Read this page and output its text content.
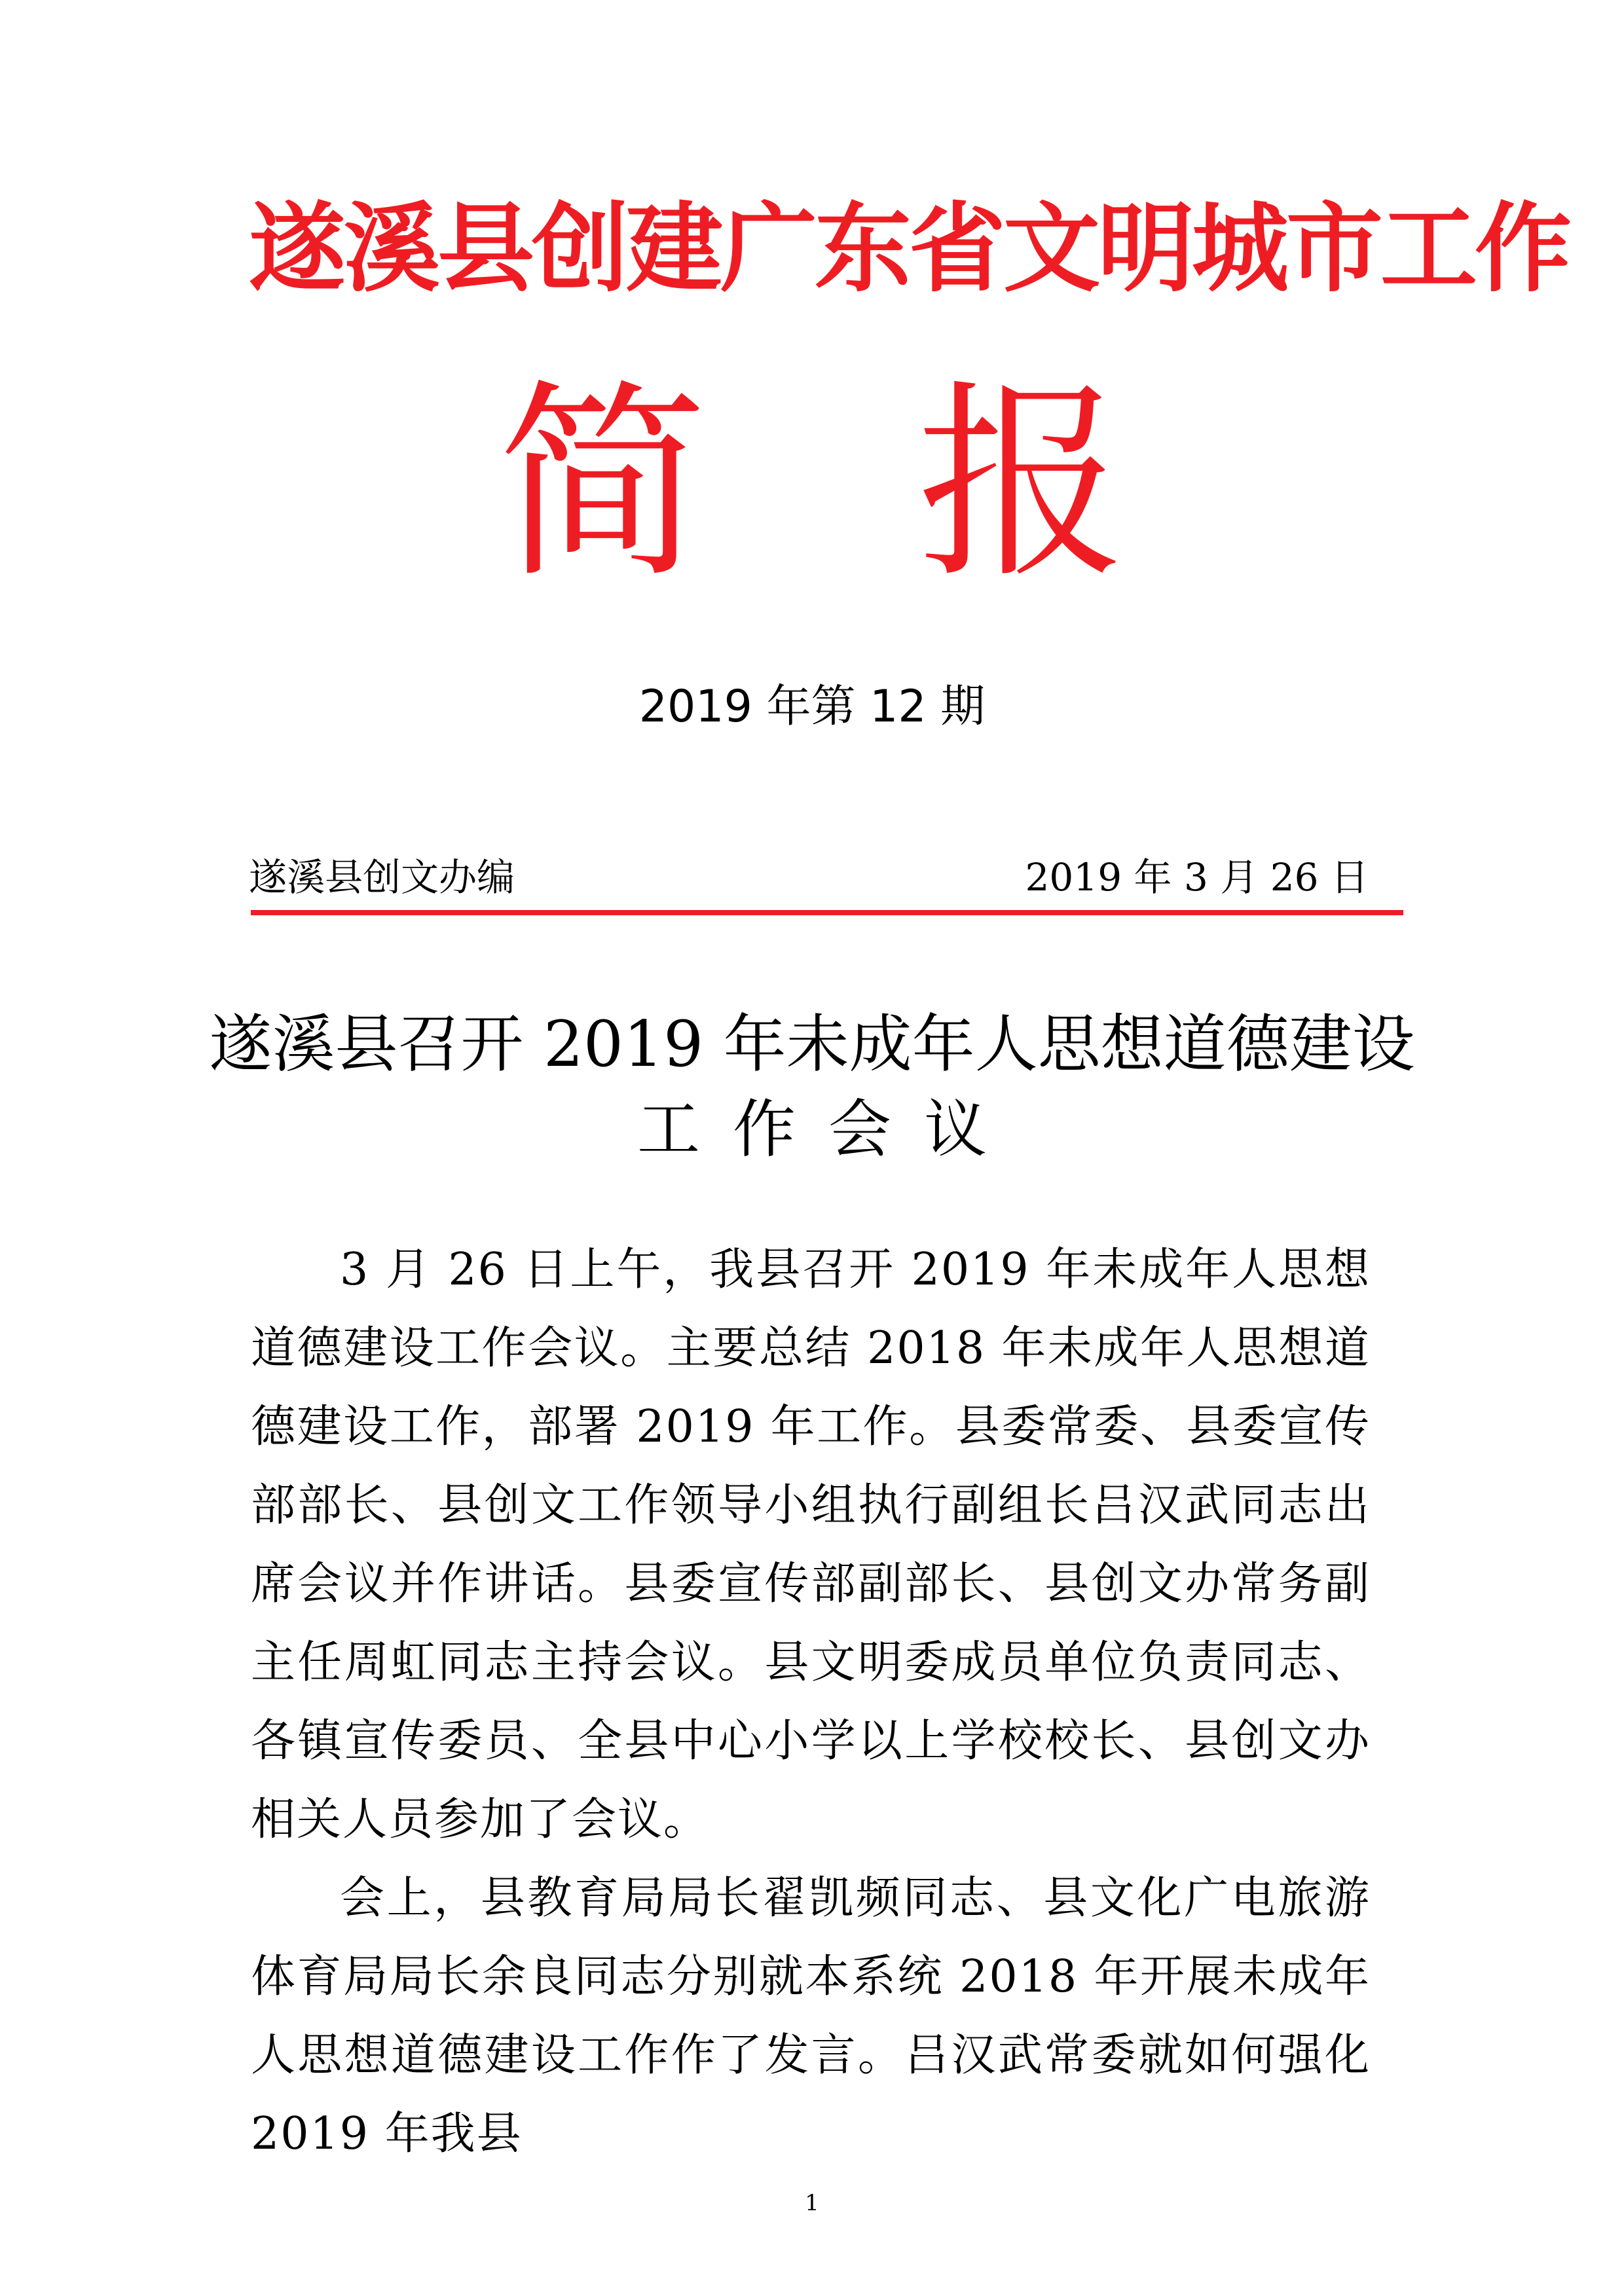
遂溪县创建广东省文明城市工作
简 报
2019 年第 12 期
遂溪县创文办编	2019 年 3 月 26 日
遂溪县召开 2019 年未成年人思想道德建设
工作会议

3 月 26 日上午，我县召开 2019 年未成年人思想道德建设工作会议。主要总结 2018 年未成年人思想道德建设工作，部署 2019 年工作。县委常委、县委宣传部部长、县创文工作领导小组执行副组长吕汉武同志出席会议并作讲话。县委宣传部副部长、县创文办常务副主任周虹同志主持会议。县文明委成员单位负责同志、各镇宣传委员、全县中心小学以上学校校长、县创文办相关人员参加了会议。

会上，县教育局局长翟凯频同志、县文化广电旅游体育局局长余良同志分别就本系统 2018 年开展未成年人思想道德建设工作作了发言。吕汉武常委就如何强化 2019 年我县

1
